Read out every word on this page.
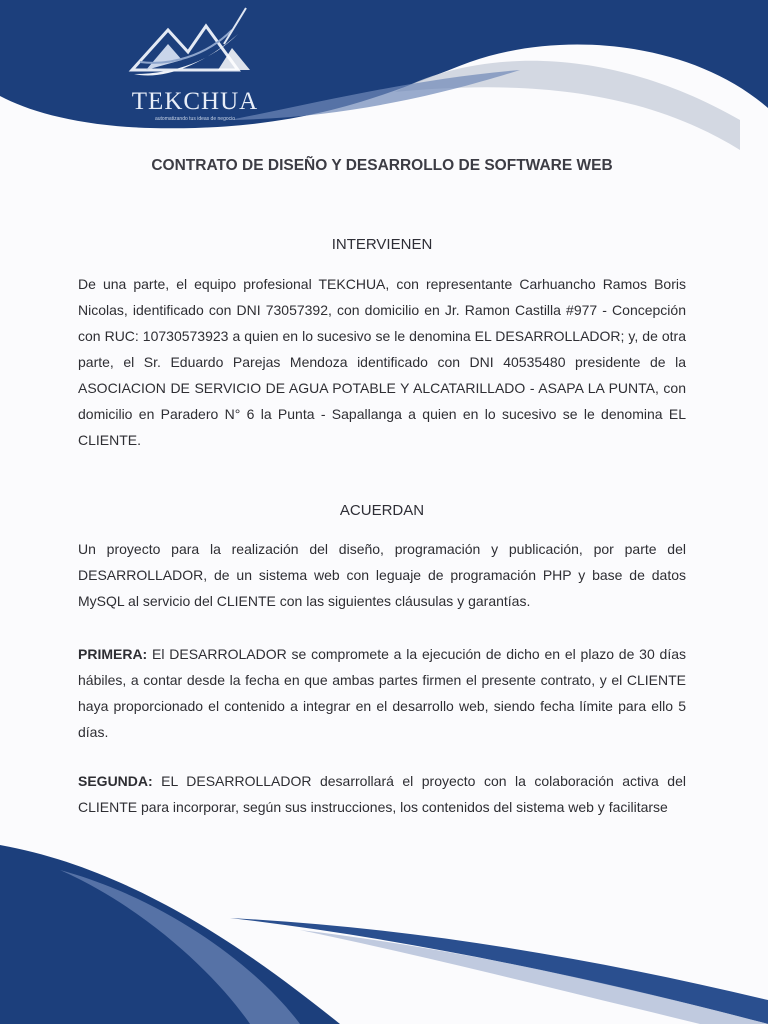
TEKCHUA
automatizando tus ideas de negocio
CONTRATO DE DISEÑO Y DESARROLLO DE SOFTWARE WEB
INTERVIENEN

De una parte, el equipo profesional TEKCHUA, con representante Carhuancho Ramos Boris Nicolas, identificado con DNI 73057392, con domicilio en Jr. Ramon Castilla #977 - Concepción con RUC: 10730573923 a quien en lo sucesivo se le denomina EL DESARROLLADOR; y, de otra parte, el Sr. Eduardo Parejas Mendoza identificado con DNI 40535480 presidente de la ASOCIACION DE SERVICIO DE AGUA POTABLE Y ALCATARILLADO - ASAPA LA PUNTA, con domicilio en Paradero N° 6 la Punta - Sapallanga a quien en lo sucesivo se le denomina EL CLIENTE.

ACUERDAN

Un proyecto para la realización del diseño, programación y publicación, por parte del DESARROLLADOR, de un sistema web con leguaje de programación PHP y base de datos MySQL al servicio del CLIENTE con las siguientes cláusulas y garantías.

PRIMERA: El DESARROLADOR se compromete a la ejecución de dicho en el plazo de 30 días hábiles, a contar desde la fecha en que ambas partes firmen el presente contrato, y el CLIENTE haya proporcionado el contenido a integrar en el desarrollo web, siendo fecha límite para ello 5 días.

SEGUNDA: EL DESARROLLADOR desarrollará el proyecto con la colaboración activa del CLIENTE para incorporar, según sus instrucciones, los contenidos del sistema web y facilitarse
